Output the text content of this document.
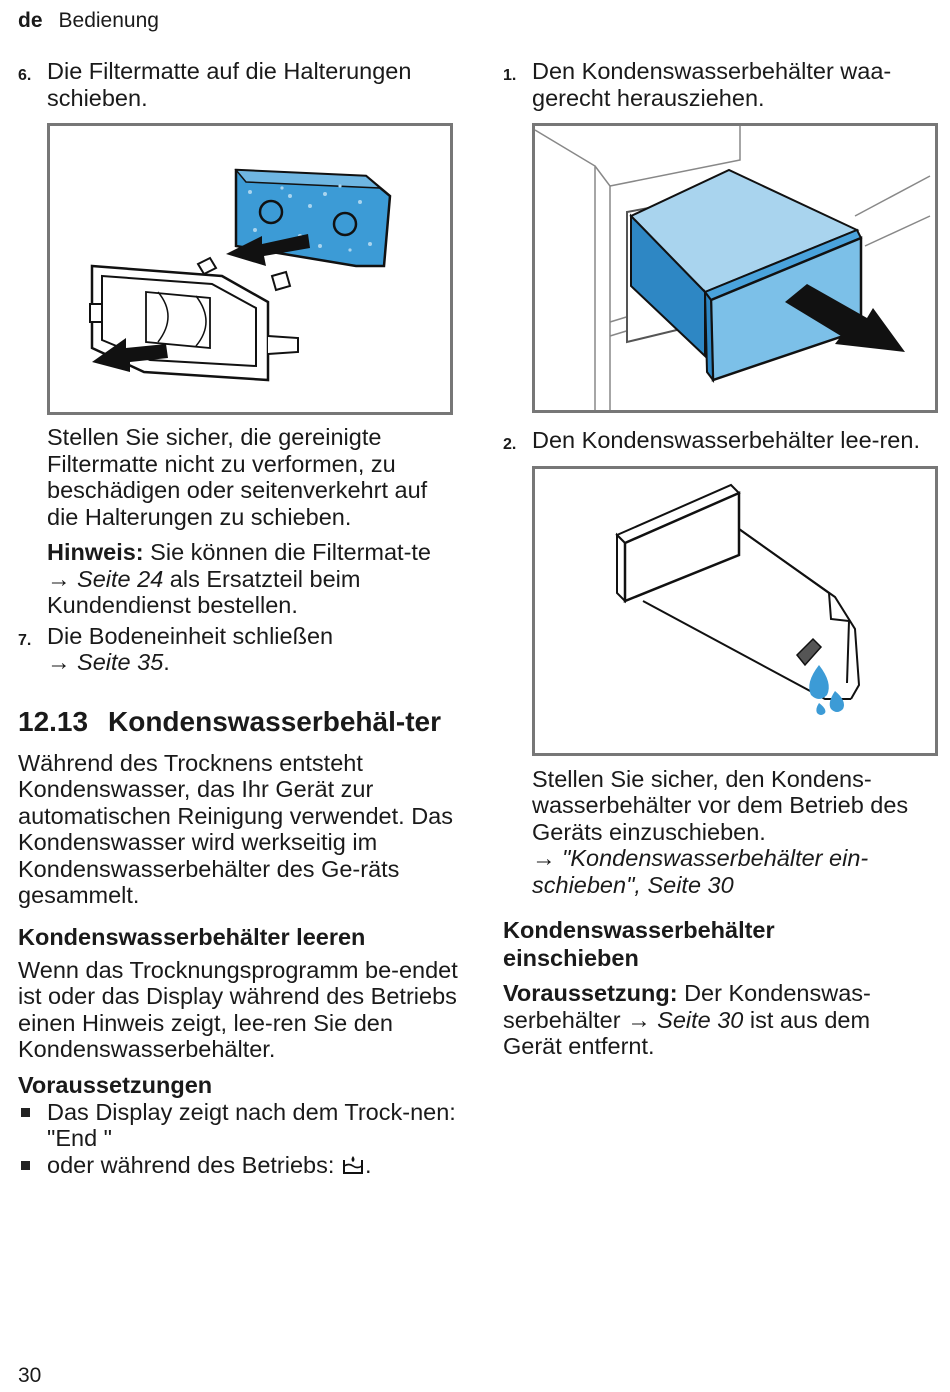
de Bedienung
6. Die Filtermatte auf die Halterungen schieben.

Stellen Sie sicher, die gereinigte Filtermatte nicht zu verformen, zu beschädigen oder seitenverkehrt auf die Halterungen zu schieben.

Hinweis: Sie können die Filtermat-te → Seite 24 als Ersatzteil beim Kundendienst bestellen.

7. Die Bodeneinheit schließen
→ Seite 35.
12.13 Kondenswasserbehäl-ter

Während des Trocknens entsteht Kondenswasser, das Ihr Gerät zur automatischen Reinigung verwendet. Das Kondenswasser wird werkseitig im Kondenswasserbehälter des Ge-räts gesammelt.

Kondenswasserbehälter leeren

Wenn das Trocknungsprogramm be-endet ist oder das Display während des Betriebs einen Hinweis zeigt, lee-ren Sie den Kondenswasserbehälter.

Voraussetzungen
Das Display zeigt nach dem Trock-nen: "End "
oder während des Betriebs: .
1. Den Kondenswasserbehälter waa-gerecht herausziehen.
2. Den Kondenswasserbehälter lee-ren.

Stellen Sie sicher, den Kondens-wasserbehälter vor dem Betrieb des Geräts einzuschieben.
→ "Kondenswasserbehälter ein-schieben", Seite 30

Kondenswasserbehälter einschieben

Voraussetzung: Der Kondenswas-serbehälter → Seite 30 ist aus dem Gerät entfernt.

30
